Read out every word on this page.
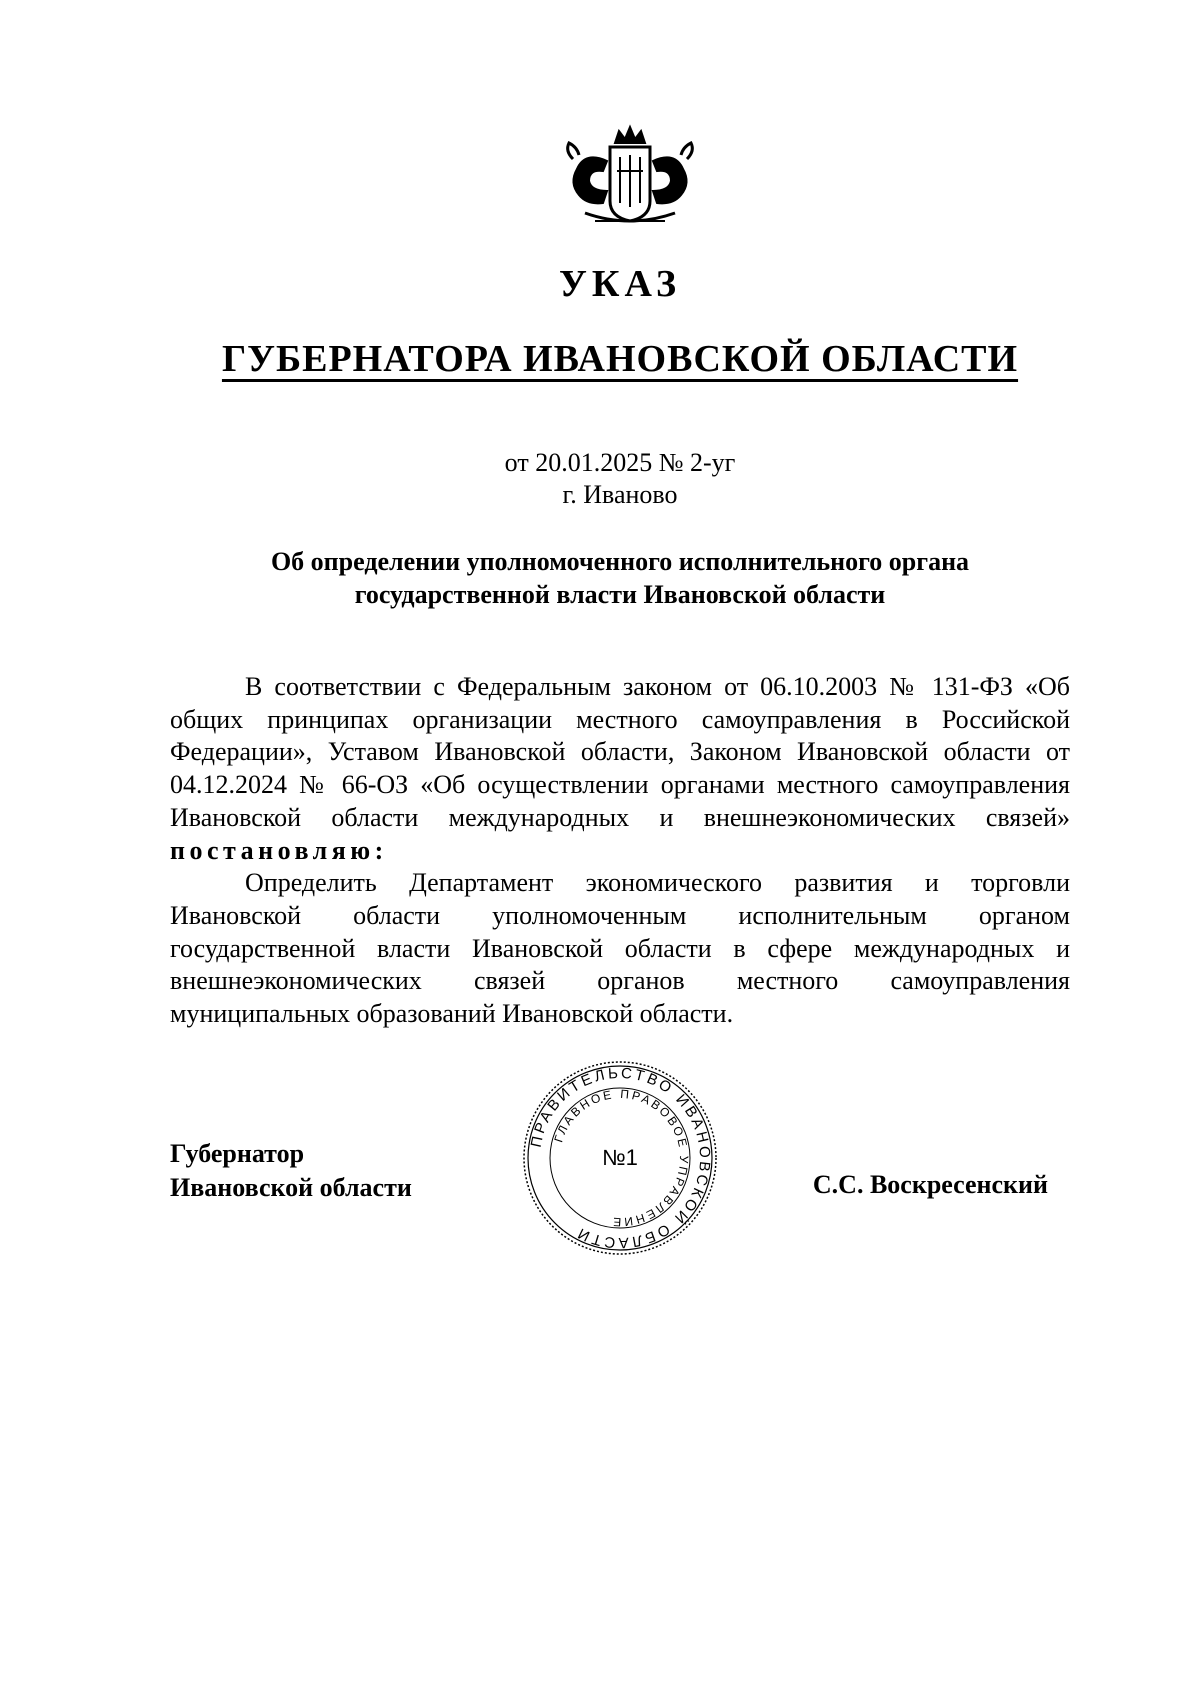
УКАЗ
ГУБЕРНАТОРА ИВАНОВСКОЙ ОБЛАСТИ

от 20.01.2025 № 2-уг

г. Иваново

Об определении уполномоченного исполнительного органа
государственной власти Ивановской области

В соответствии с Федеральным законом от 06.10.2003 № 131-ФЗ «Об общих принципах организации местного самоуправления в Российской Федерации», Уставом Ивановской области, Законом Ивановской области от 04.12.2024 № 66-ОЗ «Об осуществлении органами местного самоуправления Ивановской области международных и внешнеэкономических связей» постановляю:

Определить Департамент экономического развития и торговли Ивановской области уполномоченным исполнительным органом государственной власти Ивановской области в сфере международных и внешнеэкономических связей органов местного самоуправления муниципальных образований Ивановской области.

Губернатор
Ивановской области
ПРАВИТЕЛЬСТВО ИВАНОВСКОЙ ОБЛАСТИ
ГЛАВНОЕ ПРАВОВОЕ УПРАВЛЕНИЕ
№1
С.С. Воскресенский
